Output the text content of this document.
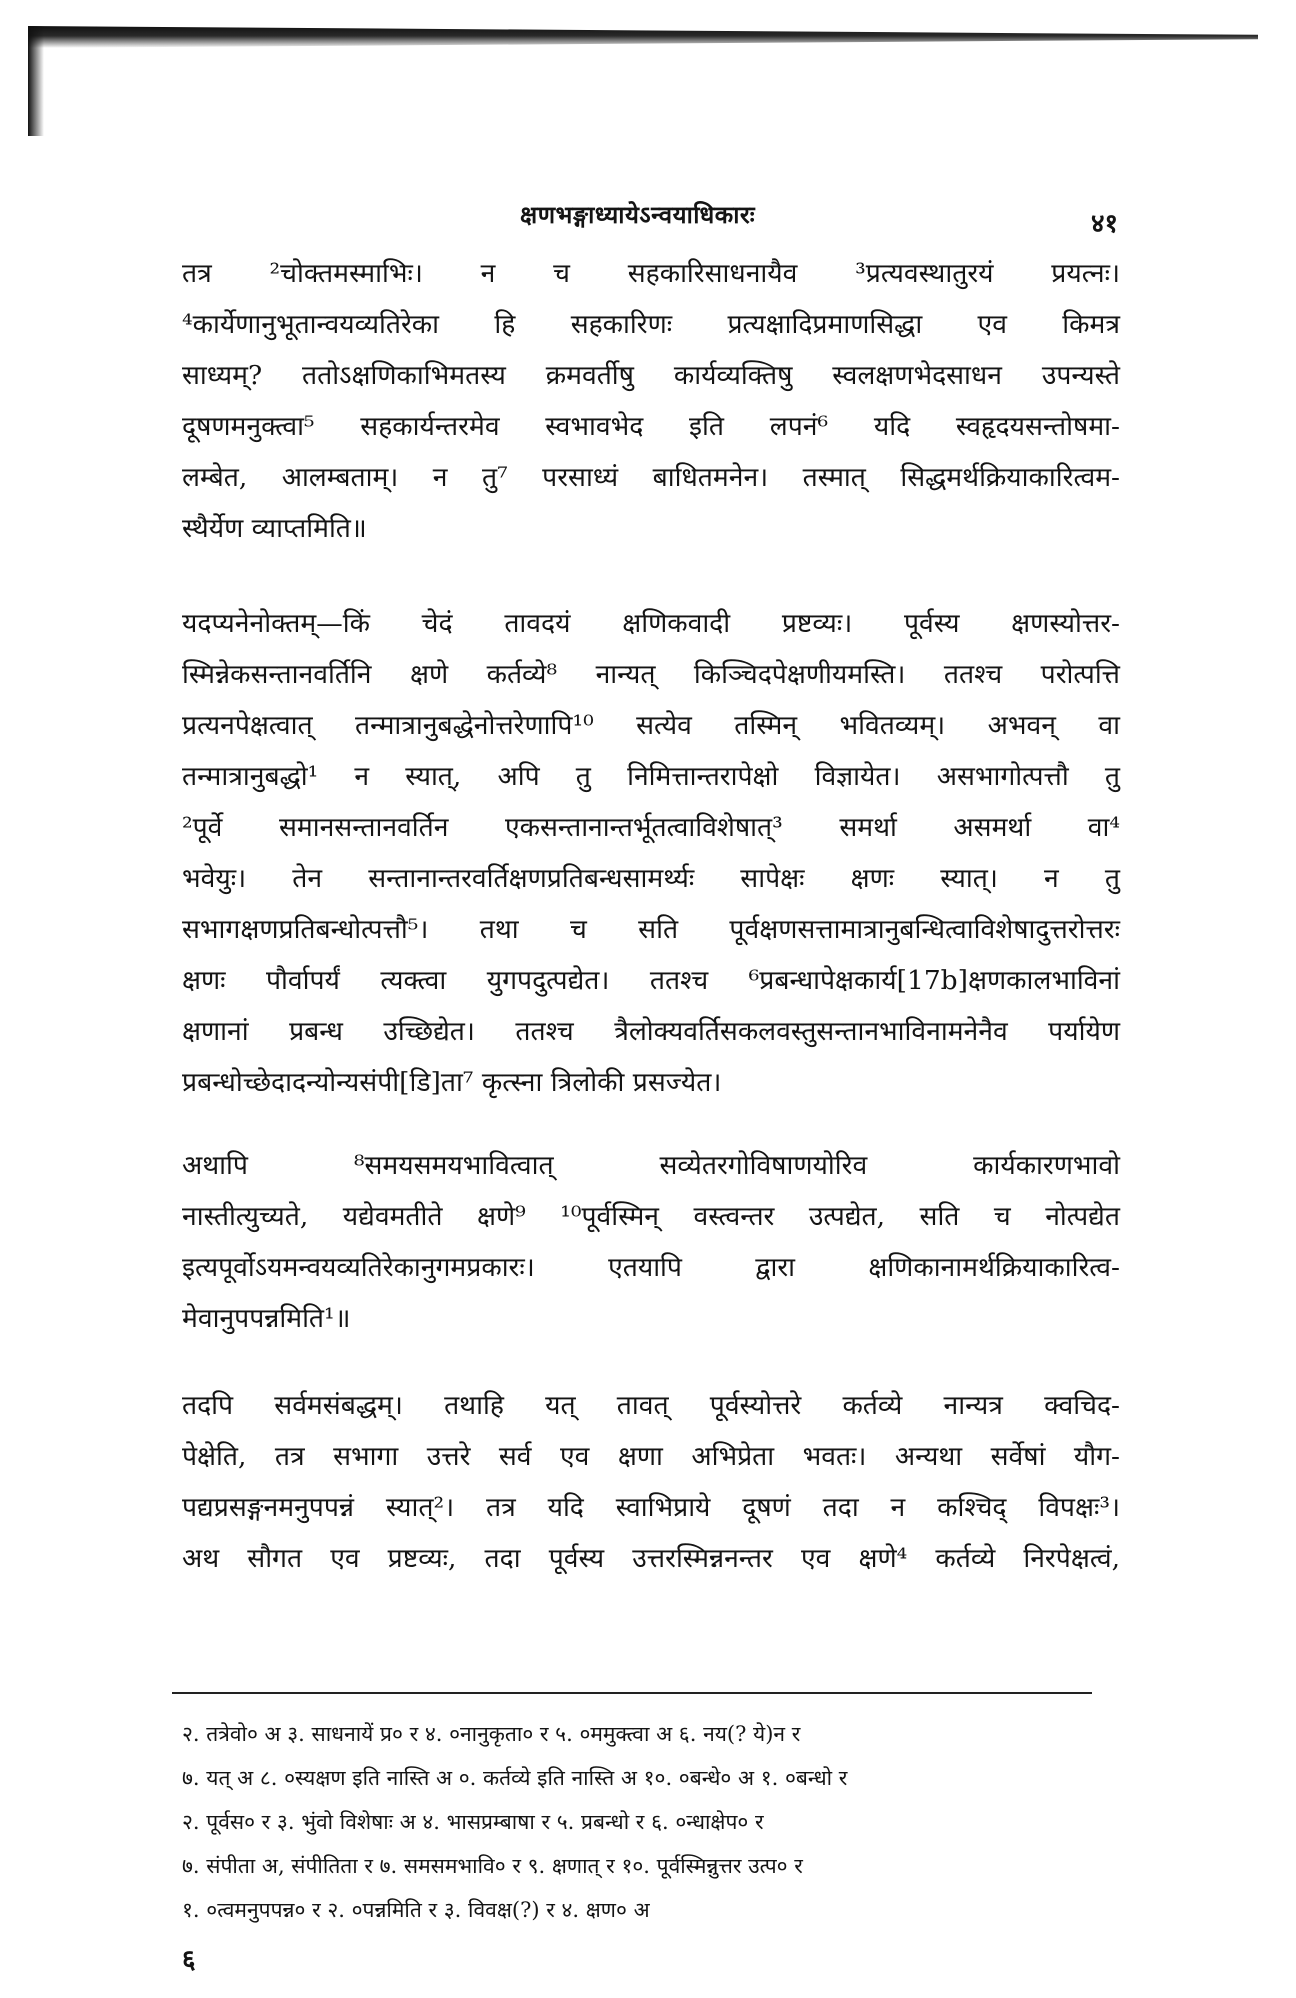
क्षणभङ्गाध्यायेऽन्वयाधिकारः	४१
तत्र ²चोक्तमस्माभिः। न च सहकारिसाधनायैव ³प्रत्यवस्थातुरयं प्रयत्नः।
⁴कार्येणानुभूतान्वयव्यतिरेका हि सहकारिणः प्रत्यक्षादिप्रमाणसिद्धा एव किमत्र
साध्यम्? ततोऽक्षणिकाभिमतस्य क्रमवर्तीषु कार्यव्यक्तिषु स्वलक्षणभेदसाधन उपन्यस्ते
दूषणमनुक्त्वा⁵ सहकार्यन्तरमेव स्वभावभेद इति लपनं⁶ यदि स्वहृदयसन्तोषमा-
लम्बेत, आलम्बताम्। न तु⁷ परसाध्यं बाधितमनेन। तस्मात् सिद्धमर्थक्रियाकारित्वम-
स्थैर्येण व्याप्तमिति॥
यदप्यनेनोक्तम्—किं चेदं तावदयं क्षणिकवादी प्रष्टव्यः। पूर्वस्य क्षणस्योत्तर-
स्मिन्नेकसन्तानवर्तिनि क्षणे कर्तव्ये⁸ नान्यत् किञ्चिदपेक्षणीयमस्ति। ततश्च परोत्पत्ति
प्रत्यनपेक्षत्वात् तन्मात्रानुबद्धेनोत्तरेणापि¹⁰ सत्येव तस्मिन् भवितव्यम्। अभवन् वा
तन्मात्रानुबद्धो¹ न स्यात्, अपि तु निमित्तान्तरापेक्षो विज्ञायेत। असभागोत्पत्तौ तु
²पूर्वे समानसन्तानवर्तिन एकसन्तानान्तर्भूतत्वाविशेषात्³ समर्था असमर्था वा⁴
भवेयुः। तेन सन्तानान्तरवर्तिक्षणप्रतिबन्धसामर्थ्यः सापेक्षः क्षणः स्यात्। न तु
सभागक्षणप्रतिबन्धोत्पत्तौ⁵। तथा च सति पूर्वक्षणसत्तामात्रानुबन्धित्वाविशेषादुत्तरोत्तरः
क्षणः पौर्वापर्यं त्यक्त्वा युगपदुत्पद्येत। ततश्च ⁶प्रबन्धापेक्षकार्य[17b]क्षणकालभाविनां
क्षणानां प्रबन्ध उच्छिद्येत। ततश्च त्रैलोक्यवर्तिसकलवस्तुसन्तानभाविनामनेनैव पर्यायेण
प्रबन्धोच्छेदादन्योन्यसंपी[डि]ता⁷ कृत्स्ना त्रिलोकी प्रसज्येत।
अथापि ⁸समयसमयभावित्वात् सव्येतरगोविषाणयोरिव कार्यकारणभावो
नास्तीत्युच्यते, यद्येवमतीते क्षणे⁹ ¹⁰पूर्वस्मिन् वस्त्वन्तर उत्पद्येत, सति च नोत्पद्येत
इत्यपूर्वोऽयमन्वयव्यतिरेकानुगमप्रकारः। एतयापि द्वारा क्षणिकानामर्थक्रियाकारित्व-
मेवानुपपन्नमिति¹॥
तदपि सर्वमसंबद्धम्। तथाहि यत् तावत् पूर्वस्योत्तरे कर्तव्ये नान्यत्र क्वचिद-
पेक्षेति, तत्र सभागा उत्तरे सर्व एव क्षणा अभिप्रेता भवतः। अन्यथा सर्वेषां यौग-
पद्यप्रसङ्गनमनुपपन्नं स्यात्²। तत्र यदि स्वाभिप्राये दूषणं तदा न कश्चिद् विपक्षः³।
अथ सौगत एव प्रष्टव्यः, तदा पूर्वस्य उत्तरस्मिन्ननन्तर एव क्षणे⁴ कर्तव्ये निरपेक्षत्वं,
२. तत्रेवो० अ ३. साधनायें प्र० र ४. ०नानुकृता० र ५. ०ममुक्त्वा अ ६. नय(? ये)न र
७. यत् अ ८. ०स्यक्षण इति नास्ति अ ०. कर्तव्ये इति नास्ति अ १०. ०बन्धे० अ १. ०बन्धो र
२. पूर्वस० र ३. भुंवो विशेषाः अ ४. भासप्रम्बाषा र ५. प्रबन्धो र ६. ०न्धाक्षेप० र
७. संपीता अ, संपीतिता र ७. समसमभावि० र ९. क्षणात् र १०. पूर्वस्मिन्नुत्तर उत्प० र
१. ०त्वमनुपपन्न० र २. ०पन्नमिति र ३. विवक्ष(?) र ४. क्षण० अ
६
